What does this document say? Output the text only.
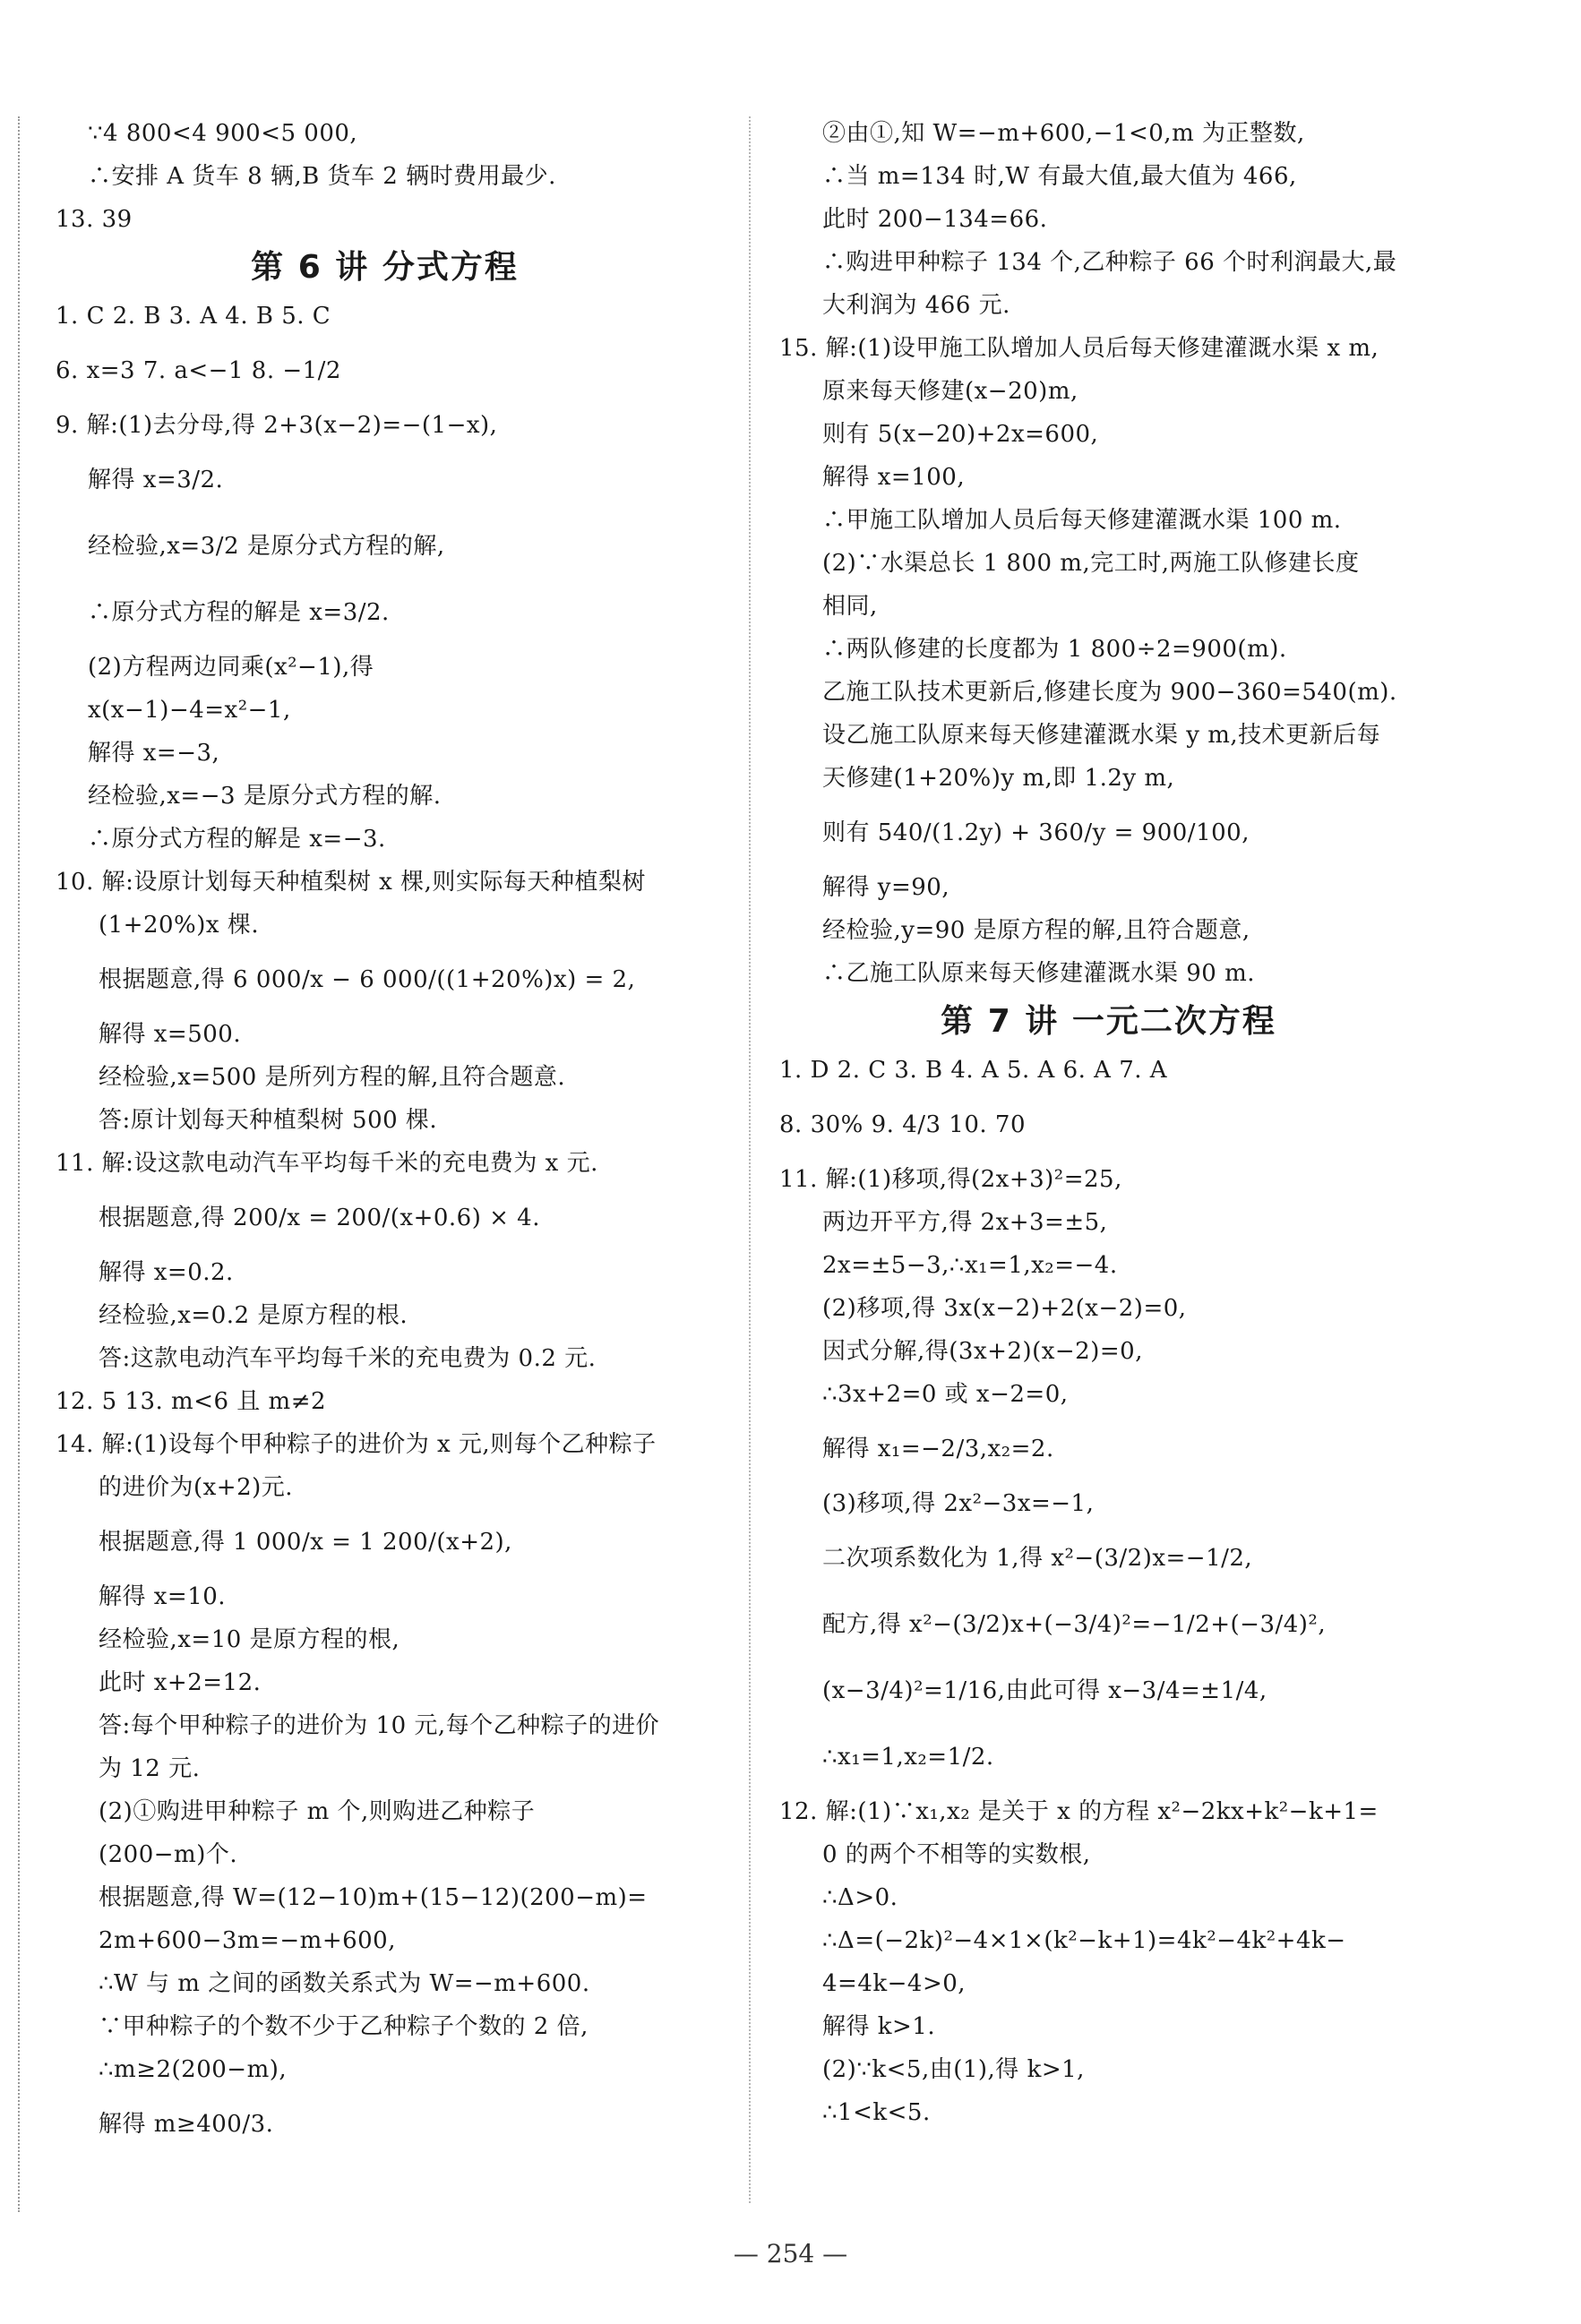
∵4 800<4 900<5 000,
∴安排 A 货车 8 辆,B 货车 2 辆时费用最少.
13. 39
第 6 讲 分式方程
1. C 2. B 3. A 4. B 5. C
6. x=3 7. a<−1 8. −1/2
9. 解:(1)去分母,得 2+3(x−2)=−(1−x),
解得 x=3/2.
经检验,x=3/2 是原分式方程的解,
∴原分式方程的解是 x=3/2.
(2)方程两边同乘(x²−1),得
x(x−1)−4=x²−1,
解得 x=−3,
经检验,x=−3 是原分式方程的解.
∴原分式方程的解是 x=−3.
10. 解:设原计划每天种植梨树 x 棵,则实际每天种植梨树
(1+20%)x 棵.
根据题意,得 6 000/x − 6 000/((1+20%)x) = 2,
解得 x=500.
经检验,x=500 是所列方程的解,且符合题意.
答:原计划每天种植梨树 500 棵.
11. 解:设这款电动汽车平均每千米的充电费为 x 元.
根据题意,得 200/x = 200/(x+0.6) × 4.
解得 x=0.2.
经检验,x=0.2 是原方程的根.
答:这款电动汽车平均每千米的充电费为 0.2 元.
12. 5 13. m<6 且 m≠2
14. 解:(1)设每个甲种粽子的进价为 x 元,则每个乙种粽子
的进价为(x+2)元.
根据题意,得 1 000/x = 1 200/(x+2),
解得 x=10.
经检验,x=10 是原方程的根,
此时 x+2=12.
答:每个甲种粽子的进价为 10 元,每个乙种粽子的进价
为 12 元.
(2)①购进甲种粽子 m 个,则购进乙种粽子
(200−m)个.
根据题意,得 W=(12−10)m+(15−12)(200−m)=
2m+600−3m=−m+600,
∴W 与 m 之间的函数关系式为 W=−m+600.
∵甲种粽子的个数不少于乙种粽子个数的 2 倍,
∴m≥2(200−m),
解得 m≥400/3.
②由①,知 W=−m+600,−1<0,m 为正整数,
∴当 m=134 时,W 有最大值,最大值为 466,
此时 200−134=66.
∴购进甲种粽子 134 个,乙种粽子 66 个时利润最大,最
大利润为 466 元.
15. 解:(1)设甲施工队增加人员后每天修建灌溉水渠 x m,
原来每天修建(x−20)m,
则有 5(x−20)+2x=600,
解得 x=100,
∴甲施工队增加人员后每天修建灌溉水渠 100 m.
(2)∵水渠总长 1 800 m,完工时,两施工队修建长度
相同,
∴两队修建的长度都为 1 800÷2=900(m).
乙施工队技术更新后,修建长度为 900−360=540(m).
设乙施工队原来每天修建灌溉水渠 y m,技术更新后每
天修建(1+20%)y m,即 1.2y m,
则有 540/(1.2y) + 360/y = 900/100,
解得 y=90,
经检验,y=90 是原方程的解,且符合题意,
∴乙施工队原来每天修建灌溉水渠 90 m.
第 7 讲 一元二次方程
1. D 2. C 3. B 4. A 5. A 6. A 7. A
8. 30% 9. 4/3 10. 70
11. 解:(1)移项,得(2x+3)²=25,
两边开平方,得 2x+3=±5,
2x=±5−3,∴x₁=1,x₂=−4.
(2)移项,得 3x(x−2)+2(x−2)=0,
因式分解,得(3x+2)(x−2)=0,
∴3x+2=0 或 x−2=0,
解得 x₁=−2/3,x₂=2.
(3)移项,得 2x²−3x=−1,
二次项系数化为 1,得 x²−(3/2)x=−1/2,
配方,得 x²−(3/2)x+(−3/4)²=−1/2+(−3/4)²,
(x−3/4)²=1/16,由此可得 x−3/4=±1/4,
∴x₁=1,x₂=1/2.
12. 解:(1)∵x₁,x₂ 是关于 x 的方程 x²−2kx+k²−k+1=
0 的两个不相等的实数根,
∴Δ>0.
∴Δ=(−2k)²−4×1×(k²−k+1)=4k²−4k²+4k−
4=4k−4>0,
解得 k>1.
(2)∵k<5,由(1),得 k>1,
∴1<k<5.
— 254 —
